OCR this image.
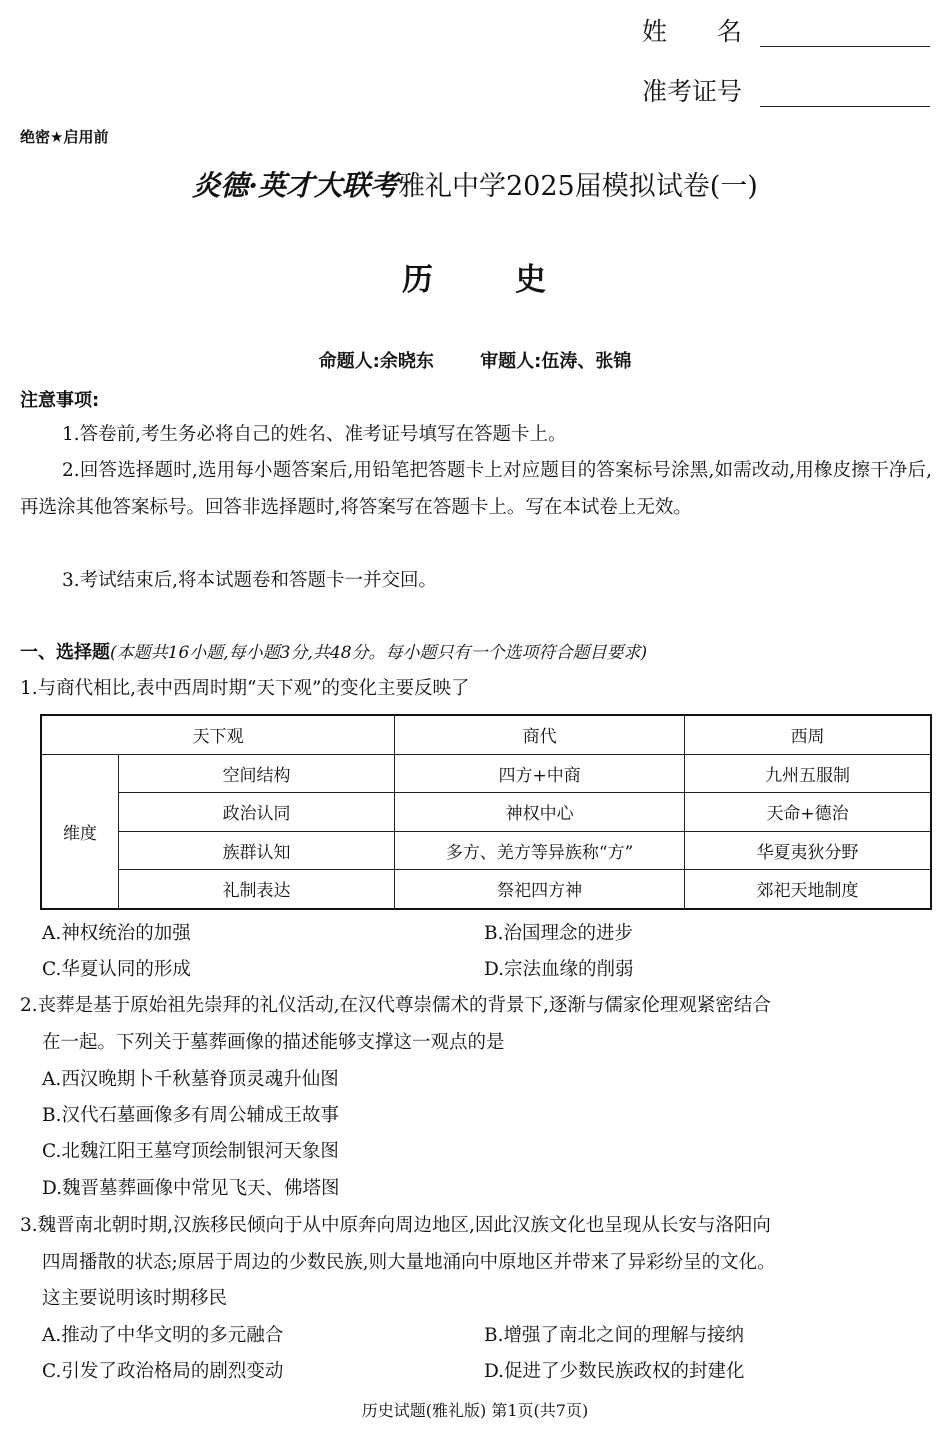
姓　　名
准考证号
绝密★启用前
炎德·英才大联考雅礼中学2025届模拟试卷(一)
历	史
命题人:余晓东	审题人:伍涛、张锦
注意事项:
1.答卷前,考生务必将自己的姓名、准考证号填写在答题卡上。
2.回答选择题时,选用每小题答案后,用铅笔把答题卡上对应题目的答案标号涂黑,如需改动,用橡皮擦干净后,再选涂其他答案标号。回答非选择题时,将答案写在答题卡上。写在本试卷上无效。
3.考试结束后,将本试题卷和答题卡一并交回。
一、选择题(本题共16小题,每小题3分,共48分。每小题只有一个选项符合题目要求)
1.与商代相比,表中西周时期“天下观”的变化主要反映了
天下观		商代	西周
维度	空间结构	四方+中商	九州五服制
	政治认同	神权中心	天命+德治
	族群认知	多方、羌方等异族称“方”	华夏夷狄分野
	礼制表达	祭祀四方神	郊祀天地制度
A.神权统治的加强	B.治国理念的进步
C.华夏认同的形成	D.宗法血缘的削弱
2.丧葬是基于原始祖先崇拜的礼仪活动,在汉代尊崇儒术的背景下,逐渐与儒家伦理观紧密结合
在一起。下列关于墓葬画像的描述能够支撑这一观点的是
A.西汉晚期卜千秋墓脊顶灵魂升仙图
B.汉代石墓画像多有周公辅成王故事
C.北魏江阳王墓穹顶绘制银河天象图
D.魏晋墓葬画像中常见飞天、佛塔图
3.魏晋南北朝时期,汉族移民倾向于从中原奔向周边地区,因此汉族文化也呈现从长安与洛阳向
四周播散的状态;原居于周边的少数民族,则大量地涌向中原地区并带来了异彩纷呈的文化。
这主要说明该时期移民
A.推动了中华文明的多元融合	B.增强了南北之间的理解与接纳
C.引发了政治格局的剧烈变动	D.促进了少数民族政权的封建化
历史试题(雅礼版) 第1页(共7页)
